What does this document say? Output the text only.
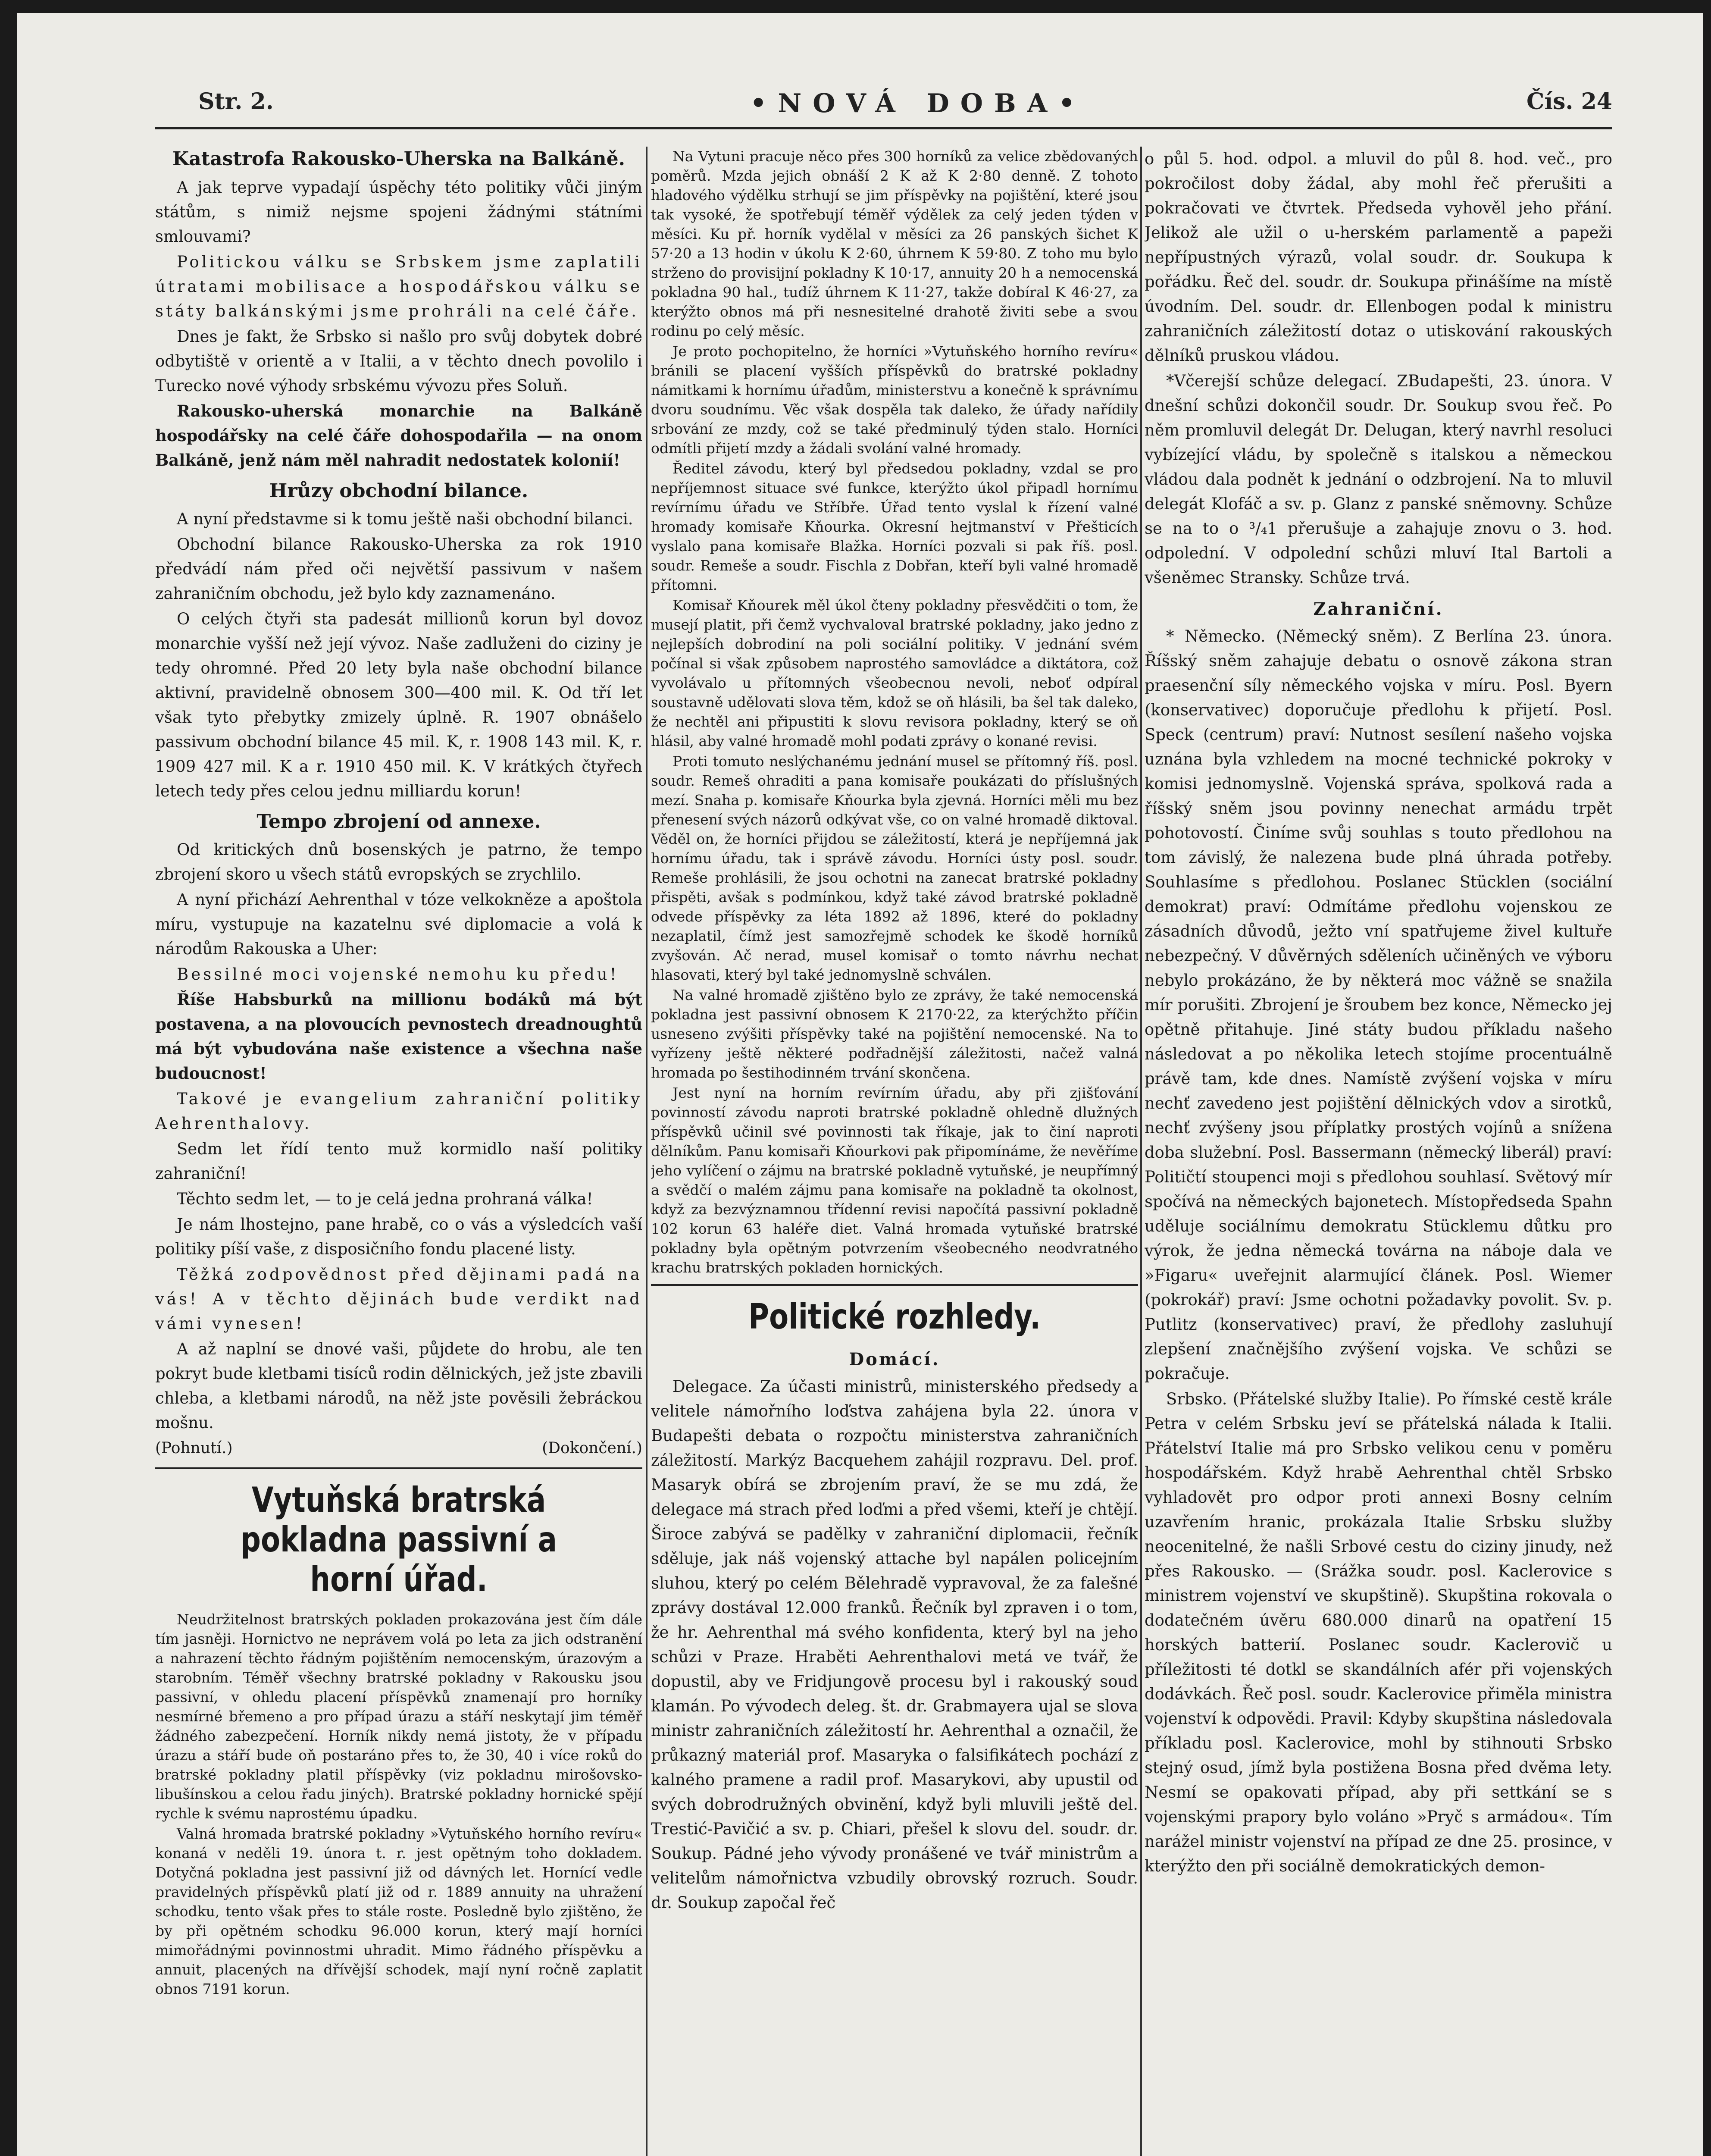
Str. 2.	•NOVÁ DOBA•	Čís. 24
Katastrofa Rakousko-Uherska na Balkáně.

A jak teprve vypadají úspěchy této politiky vůči jiným státům, s nimiž nejsme spojeni žádnými státními smlouvami?

Politickou válku se Srbskem jsme zaplatili útratami mobilisace a hospodářskou válku se státy balkánskými jsme prohráli na celé čáře.

Dnes je fakt, že Srbsko si našlo pro svůj dobytek dobré odbytiště v orientě a v Italii, a v těchto dnech povolilo i Turecko nové výhody srbskému vývozu přes Soluň.

Rakousko-uherská monarchie na Balkáně hospodářsky na celé čáře dohospodařila — na onom Balkáně, jenž nám měl nahradit nedostatek kolonií!

Hrůzy obchodní bilance.

A nyní představme si k tomu ještě naši obchodní bilanci.

Obchodní bilance Rakousko-Uherska za rok 1910 předvádí nám před oči největší passivum v našem zahraničním obchodu, jež bylo kdy zaznamenáno.

O celých čtyři sta padesát millionů korun byl dovoz monarchie vyšší než její vývoz. Naše zadluženi do ciziny je tedy ohromné. Před 20 lety byla naše obchodní bilance aktivní, pravidelně obnosem 300—400 mil. K. Od tří let však tyto přebytky zmizely úplně. R. 1907 obnášelo passivum obchodní bilance 45 mil. K, r. 1908 143 mil. K, r. 1909 427 mil. K a r. 1910 450 mil. K. V krátkých čtyřech letech tedy přes celou jednu milliardu korun!

Tempo zbrojení od annexe.

Od kritických dnů bosenských je patrno, že tempo zbrojení skoro u všech států evropských se zrychlilo.

A nyní přichází Aehrenthal v tóze velkokněze a apoštola míru, vystupuje na kazatelnu své diplomacie a volá k národům Rakouska a Uher:

Bessilné moci vojenské nemohu ku předu!

Říše Habsburků na millionu bodáků má být postavena, a na plovoucích pevnostech dreadnoughtů má být vybudována naše existence a všechna naše budoucnost!

Takové je evangelium zahraniční politiky Aehrenthalovy.

Sedm let řídí tento muž kormidlo naší politiky zahraniční!

Těchto sedm let, — to je celá jedna prohraná válka!

Je nám lhostejno, pane hrabě, co o vás a výsledcích vaší politiky píší vaše, z disposičního fondu placené listy.

Těžká zodpovědnost před dějinami padá na vás! A v těchto dějinách bude verdikt nad vámi vynesen!

A až naplní se dnové vaši, půjdete do hrobu, ale ten pokryt bude kletbami tisíců rodin dělnických, jež jste zbavili chleba, a kletbami národů, na něž jste pověsili žebráckou mošnu.

(Pohnutí.)	(Dokončení.)
Vytuňská bratrská pokladna passivní a horní úřad.

Neudržitelnost bratrských pokladen prokazována jest čím dále tím jasněji. Hornictvo ne neprávem volá po leta za jich odstranění a nahrazení těchto řádným pojištěním nemocenským, úrazovým a starobním. Téměř všechny bratrské pokladny v Rakousku jsou passivní, v ohledu placení příspěvků znamenají pro horníky nesmírné břemeno a pro případ úrazu a stáří neskytají jim téměř žádného zabezpečení. Horník nikdy nemá jistoty, že v případu úrazu a stáří bude oň postaráno přes to, že 30, 40 i více roků do bratrské pokladny platil příspěvky (viz pokladnu mirošovsko-libušínskou a celou řadu jiných). Bratrské pokladny hornické spějí rychle k svému naprostému úpadku.

Valná hromada bratrské pokladny »Vytuňského horního revíru« konaná v neděli 19. února t. r. jest opětným toho dokladem. Dotyčná pokladna jest passivní již od dávných let. Hornící vedle pravidelných příspěvků platí již od r. 1889 annuity na uhražení schodku, tento však přes to stále roste. Posledně bylo zjištěno, že by při opětném schodku 96.000 korun, který mají horníci mimořádnými povinnostmi uhradit. Mimo řádného příspěvku a annuit, placených na dřívější schodek, mají nyní ročně zaplatit obnos 7191 korun.

Na Vytuni pracuje něco přes 300 horníků za velice zbědovaných poměrů. Mzda jejich obnáší 2 K až K 2·80 denně. Z tohoto hladového výdělku strhují se jim příspěvky na pojištění, které jsou tak vysoké, že spotřebují téměř výdělek za celý jeden týden v měsíci. Ku př. horník vydělal v měsíci za 26 panských šichet K 57·20 a 13 hodin v úkolu K 2·60, úhrnem K 59·80. Z toho mu bylo strženo do provisijní pokladny K 10·17, annuity 20 h a nemocenská pokladna 90 hal., tudíž úhrnem K 11·27, takže dobíral K 46·27, za kterýžto obnos má při nesnesitelné drahotě živiti sebe a svou rodinu po celý měsíc.

Je proto pochopitelno, že horníci »Vytuňského horního revíru« bránili se placení vyšších příspěvků do bratrské pokladny námitkami k hornímu úřadům, ministerstvu a konečně k správnímu dvoru soudnímu. Věc však dospěla tak daleko, že úřady nařídily srbování ze mzdy, což se také předminulý týden stalo. Horníci odmítli přijetí mzdy a žádali svolání valné hromady.

Ředitel závodu, který byl předsedou pokladny, vzdal se pro nepříjemnost situace své funkce, kterýžto úkol připadl hornímu revírnímu úřadu ve Stříbře. Úřad tento vyslal k řízení valné hromady komisaře Kňourka. Okresní hejtmanství v Přešticích vyslalo pana komisaře Blažka. Horníci pozvali si pak říš. posl. soudr. Remeše a soudr. Fischla z Dobřan, kteří byli valné hromadě přítomni.

Komisař Kňourek měl úkol čteny pokladny přesvědčiti o tom, že musejí platit, při čemž vychvaloval bratrské pokladny, jako jedno z nejlepších dobrodiní na poli sociální politiky. V jednání svém počínal si však způsobem naprostého samovládce a diktátora, což vyvolávalo u přítomných všeobecnou nevoli, neboť odpíral soustavně udělovati slova těm, kdož se oň hlásili, ba šel tak daleko, že nechtěl ani připustiti k slovu revisora pokladny, který se oň hlásil, aby valné hromadě mohl podati zprávy o konané revisi.

Proti tomuto neslýchanému jednání musel se přítomný říš. posl. soudr. Remeš ohraditi a pana komisaře poukázati do příslušných mezí. Snaha p. komisaře Kňourka byla zjevná. Horníci měli mu bez přenesení svých názorů odkývat vše, co on valné hromadě diktoval. Věděl on, že horníci přijdou se záležitostí, která je nepříjemná jak hornímu úřadu, tak i správě závodu. Horníci ústy posl. soudr. Remeše prohlásili, že jsou ochotni na zanecat bratrské pokladny přispěti, avšak s podmínkou, když také závod bratrské pokladně odvede příspěvky za léta 1892 až 1896, které do pokladny nezaplatil, čímž jest samozřejmě schodek ke škodě horníků zvyšován. Ač nerad, musel komisař o tomto návrhu nechat hlasovati, který byl také jednomyslně schválen.

Na valné hromadě zjištěno bylo ze zprávy, že také nemocenská pokladna jest passivní obnosem K 2170·22, za kterýchžto příčin usneseno zvýšiti příspěvky také na pojištění nemocenské. Na to vyřízeny ještě některé podřadnější záležitosti, načež valná hromada po šestihodinném trvání skončena.

Jest nyní na horním revírním úřadu, aby při zjišťování povinností závodu naproti bratrské pokladně ohledně dlužných příspěvků učinil své povinnosti tak říkaje, jak to činí naproti dělníkům. Panu komisaři Kňourkovi pak připomínáme, že nevěříme jeho vylíčení o zájmu na bratrské pokladně vytuňské, je neupřímný a svědčí o malém zájmu pana komisaře na pokladně ta okolnost, když za bezvýznamnou třídenní revisi napočítá passivní pokladně 102 korun 63 haléře diet. Valná hromada vytuňské bratrské pokladny byla opětným potvrzením všeobecného neodvratného krachu bratrských pokladen hornických.

Politické rozhledy.
Domácí.

Delegace. Za účasti ministrů, ministerského předsedy a velitele námořního loďstva zahájena byla 22. února v Budapešti debata o rozpočtu ministerstva zahraničních záležitostí. Markýz Bacquehem zahájil rozpravu. Del. prof. Masaryk obírá se zbrojením praví, že se mu zdá, že delegace má strach před loďmi a před všemi, kteří je chtějí. Široce zabývá se padělky v zahraniční diplomacii, řečník sděluje, jak náš vojenský attache byl napálen policejním sluhou, který po celém Bělehradě vypravoval, že za falešné zprávy dostával 12.000 franků. Řečník byl zpraven i o tom, že hr. Aehrenthal má svého konfidenta, který byl na jeho schůzi v Praze. Hraběti Aehrenthalovi metá ve tvář, že dopustil, aby ve Fridjungově procesu byl i rakouský soud klamán. Po vývodech deleg. št. dr. Grabmayera ujal se slova ministr zahraničních záležitostí hr. Aehrenthal a označil, že průkazný materiál prof. Masaryka o falsifikátech pochází z kalného pramene a radil prof. Masarykovi, aby upustil od svých dobrodružných obvinění, když byli mluvili ještě del. Trestić-Pavičić a sv. p. Chiari, přešel k slovu del. soudr. dr. Soukup. Pádné jeho vývody pronášené ve tvář ministrům a velitelům námořnictva vzbudily obrovský rozruch. Soudr. dr. Soukup započal řeč

o půl 5. hod. odpol. a mluvil do půl 8. hod. več., pro pokročilost doby žádal, aby mohl řeč přerušiti a pokračovati ve čtvrtek. Předseda vyhověl jeho přání. Jelikož ale užil o u-herském parlamentě a papeži nepřípustných výrazů, volal soudr. dr. Soukupa k pořádku. Řeč del. soudr. dr. Soukupa přinášíme na místě úvodním. Del. soudr. dr. Ellenbogen podal k ministru zahraničních záležitostí dotaz o utiskování rakouských dělníků pruskou vládou.

*Včerejší schůze delegací. ZBudapešti, 23. února. V dnešní schůzi dokončil soudr. Dr. Soukup svou řeč. Po něm promluvil delegát Dr. Delugan, který navrhl resoluci vybízející vládu, by společně s italskou a německou vládou dala podnět k jednání o odzbrojení. Na to mluvil delegát Klofáč a sv. p. Glanz z panské sněmovny. Schůze se na to o ³/₄1 přerušuje a zahajuje znovu o 3. hod. odpolední. V odpolední schůzi mluví Ital Bartoli a všeněmec Stransky. Schůze trvá.

Zahraniční.

* Německo. (Německý sněm). Z Berlína 23. února. Říšský sněm zahajuje debatu o osnově zákona stran praesenční síly německého vojska v míru. Posl. Byern (konservativec) doporučuje předlohu k přijetí. Posl. Speck (centrum) praví: Nutnost sesílení našeho vojska uznána byla vzhledem na mocné technické pokroky v komisi jednomyslně. Vojenská správa, spolková rada a říšský sněm jsou povinny nenechat armádu trpět pohotovostí. Činíme svůj souhlas s touto předlohou na tom závislý, že nalezena bude plná úhrada potřeby. Souhlasíme s předlohou. Poslanec Stücklen (sociální demokrat) praví: Odmítáme předlohu vojenskou ze zásadních důvodů, ježto vní spatřujeme živel kultuře nebezpečný. V důvěrných sděleních učiněných ve výboru nebylo prokázáno, že by některá moc vážně se snažila mír porušiti. Zbrojení je šroubem bez konce, Německo jej opětně přitahuje. Jiné státy budou příkladu našeho následovat a po několika letech stojíme procentuálně právě tam, kde dnes. Namístě zvýšení vojska v míru nechť zavedeno jest pojištění dělnických vdov a sirotků, nechť zvýšeny jsou příplatky prostých vojínů a snížena doba služební. Posl. Bassermann (německý liberál) praví: Političtí stoupenci moji s předlohou souhlasí. Světový mír spočívá na německých bajonetech. Místopředseda Spahn uděluje sociálnímu demokratu Stücklemu důtku pro výrok, že jedna německá továrna na náboje dala ve »Figaru« uveřejnit alarmující článek. Posl. Wiemer (pokrokář) praví: Jsme ochotni požadavky povolit. Sv. p. Putlitz (konservativec) praví, že předlohy zasluhují zlepšení značnějšího zvýšení vojska. Ve schůzi se pokračuje.

Srbsko. (Přátelské služby Italie). Po římské cestě krále Petra v celém Srbsku jeví se přátelská nálada k Italii. Přátelství Italie má pro Srbsko velikou cenu v poměru hospodářském. Když hrabě Aehrenthal chtěl Srbsko vyhladovět pro odpor proti annexi Bosny celním uzavřením hranic, prokázala Italie Srbsku služby neocenitelné, že našli Srbové cestu do ciziny jinudy, než přes Rakousko. — (Srážka soudr. posl. Kaclerovice s ministrem vojenství ve skupštině). Skupština rokovala o dodatečném úvěru 680.000 dinarů na opatření 15 horských batterií. Poslanec soudr. Kaclerovič u příležitosti té dotkl se skandálních afér při vojenských dodávkách. Řeč posl. soudr. Kaclerovice přiměla ministra vojenství k odpovědi. Pravil: Kdyby skupština následovala příkladu posl. Kaclerovice, mohl by stihnouti Srbsko stejný osud, jímž byla postižena Bosna před dvěma lety. Nesmí se opakovati případ, aby při settkání se s vojenskými prapory bylo voláno »Pryč s armádou«. Tím narážel ministr vojenství na případ ze dne 25. prosince, v kterýžto den při sociálně demokratických demon-
